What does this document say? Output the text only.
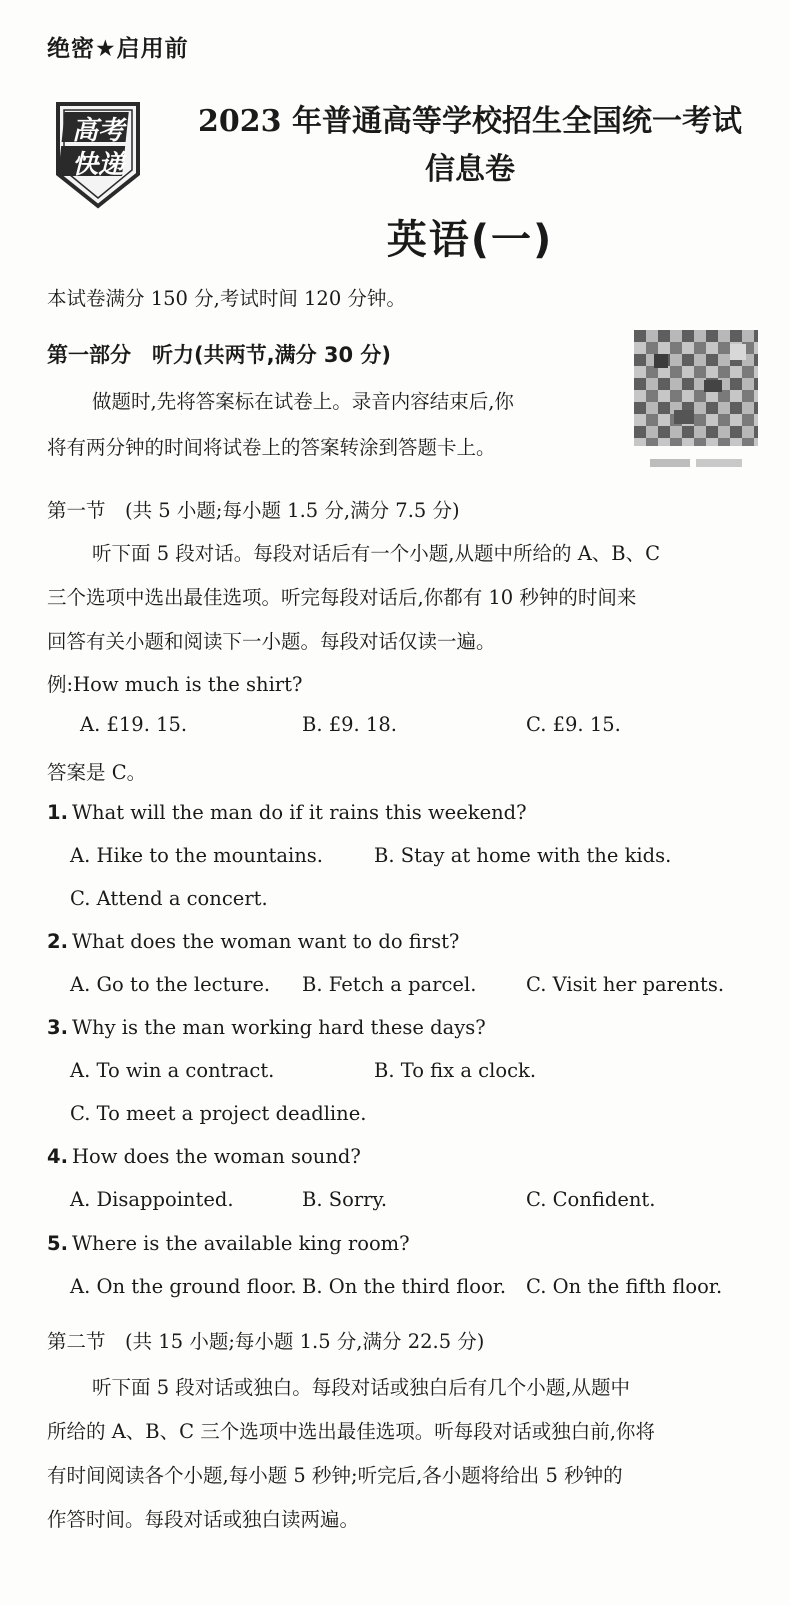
绝密★启用前
高考
快递
2023 年普通高等学校招生全国统一考试
信息卷
英语(一)
本试卷满分 150 分,考试时间 120 分钟。
第一部分　听力(共两节,满分 30 分)
做题时,先将答案标在试卷上。录音内容结束后,你
将有两分钟的时间将试卷上的答案转涂到答题卡上。
第一节　(共 5 小题;每小题 1.5 分,满分 7.5 分)
听下面 5 段对话。每段对话后有一个小题,从题中所给的 A、B、C
三个选项中选出最佳选项。听完每段对话后,你都有 10 秒钟的时间来
回答有关小题和阅读下一小题。每段对话仅读一遍。
例:How much is the shirt?
A. £19. 15.	B. £9. 18.	C. £9. 15.
答案是 C。
1. What will the man do if it rains this weekend?
A. Hike to the mountains.	B. Stay at home with the kids.
C. Attend a concert.
2. What does the woman want to do first?
A. Go to the lecture. B. Fetch a parcel.	C. Visit her parents.
3. Why is the man working hard these days?
A. To win a contract.	B. To fix a clock.
C. To meet a project deadline.
4. How does the woman sound?
A. Disappointed.	B. Sorry.	C. Confident.
5. Where is the available king room?
A. On the ground floor. B. On the third floor. C. On the fifth floor.
第二节　(共 15 小题;每小题 1.5 分,满分 22.5 分)
听下面 5 段对话或独白。每段对话或独白后有几个小题,从题中
所给的 A、B、C 三个选项中选出最佳选项。听每段对话或独白前,你将
有时间阅读各个小题,每小题 5 秒钟;听完后,各小题将给出 5 秒钟的
作答时间。每段对话或独白读两遍。
